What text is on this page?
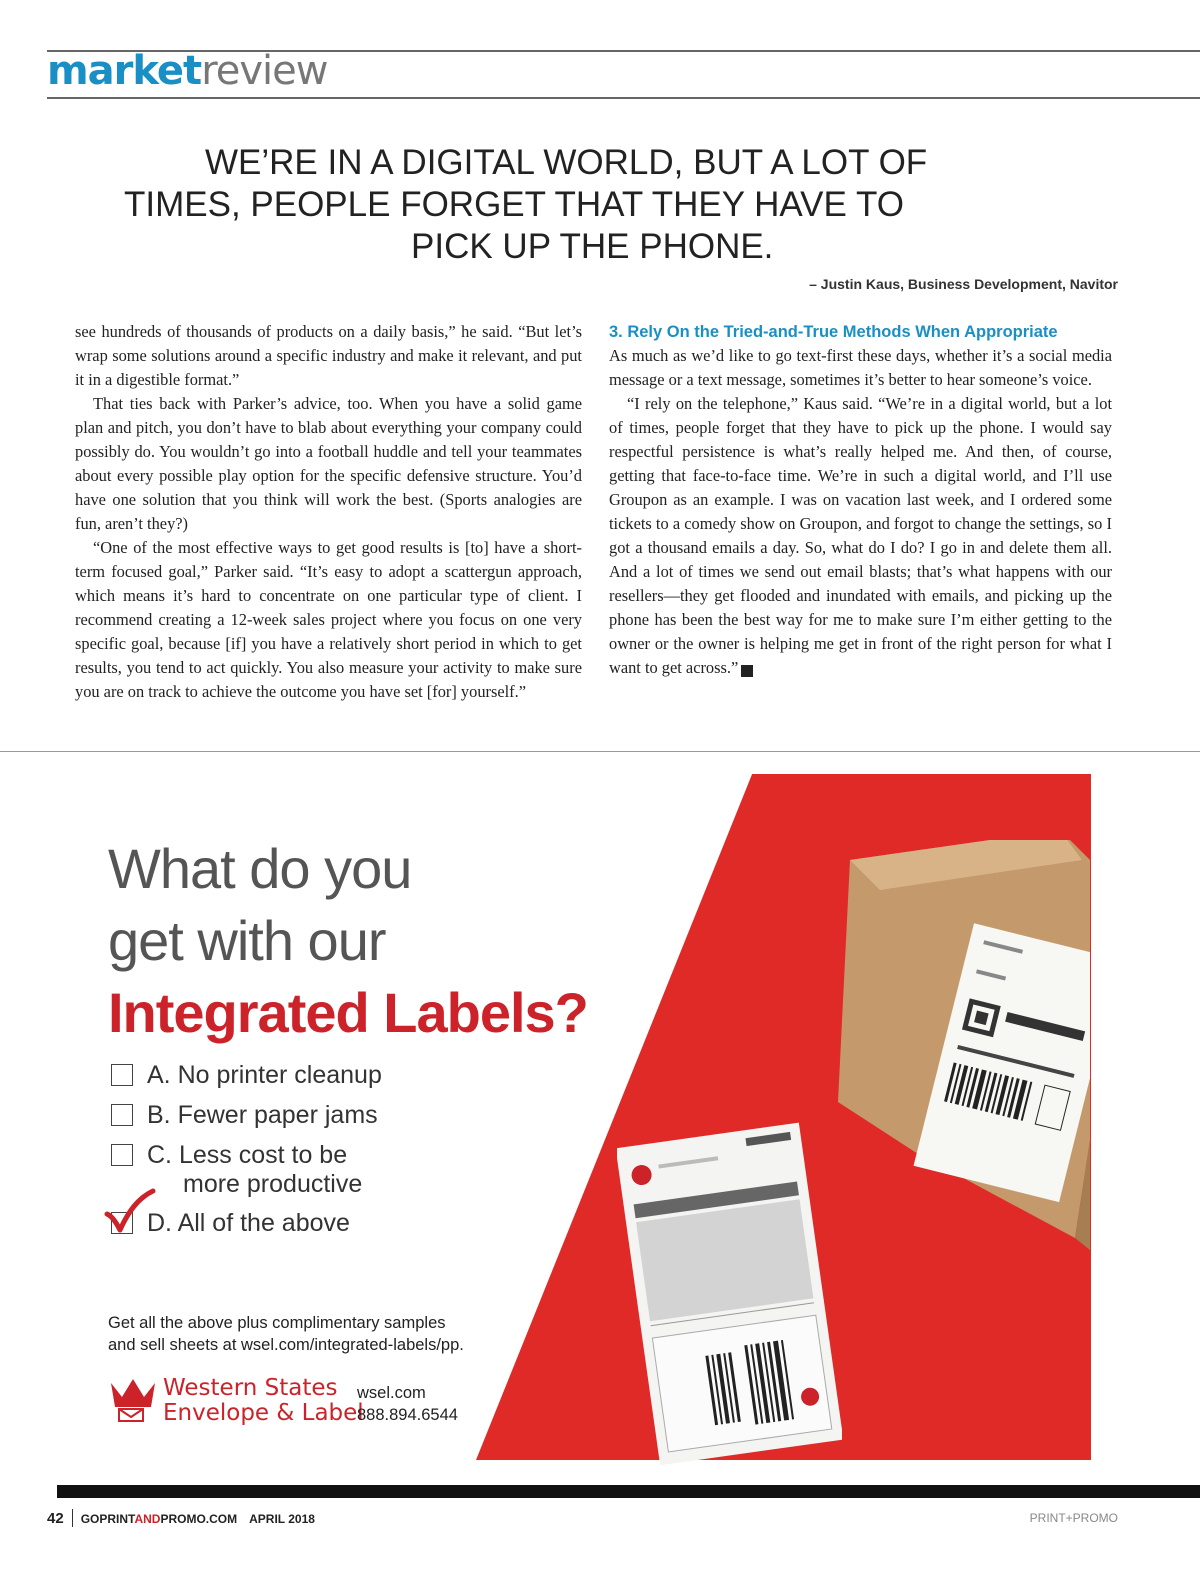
marketreview
WE’RE IN A DIGITAL WORLD, BUT A LOT OF
TIMES, PEOPLE FORGET THAT THEY HAVE TO
PICK UP THE PHONE.
– Justin Kaus, Business Development, Navitor

see hundreds of thousands of products on a daily basis,” he said. “But let’s wrap some solutions around a specific industry and make it relevant, and put it in a digestible format.”

That ties back with Parker’s advice, too. When you have a solid game plan and pitch, you don’t have to blab about everything your company could possibly do. You wouldn’t go into a football huddle and tell your teammates about every possible play option for the specific defensive structure. You’d have one solution that you think will work the best. (Sports analogies are fun, aren’t they?)

“One of the most effective ways to get good results is [to] have a short-term focused goal,” Parker said. “It’s easy to adopt a scattergun approach, which means it’s hard to concentrate on one particular type of client. I recommend creating a 12-week sales project where you focus on one very specific goal, because [if] you have a relatively short period in which to get results, you tend to act quickly. You also measure your activity to make sure you are on track to achieve the outcome you have set [for] yourself.”

3. Rely On the Tried-and-True Methods When Appropriate

As much as we’d like to go text-first these days, whether it’s a social media message or a text message, sometimes it’s better to hear someone’s voice.

“I rely on the telephone,” Kaus said. “We’re in a digital world, but a lot of times, people forget that they have to pick up the phone. I would say respectful persistence is what’s really helped me. And then, of course, getting that face-to-face time. We’re in such a digital world, and I’ll use Groupon as an example. I was on vacation last week, and I ordered some tickets to a comedy show on Groupon, and forgot to change the settings, so I got a thousand emails a day. So, what do I do? I go in and delete them all. And a lot of times we send out email blasts; that’s what happens with our resellers—they get flooded and inundated with emails, and picking up the phone has been the best way for me to make sure I’m either getting to the owner or the owner is helping me get in front of the right person for what I want to get across.” +

What do you
get with our
Integrated Labels?
A. No printer cleanup
B. Fewer paper jams
C. Less cost to be
more productive
D. All of the above
Get all the above plus complimentary samples
and sell sheets at wsel.com/integrated-labels/pp.
Western States
Envelope & Label
wsel.com
888.894.6544
42 GOPRINTANDPROMO.COM APRIL 2018	PRINT+PROMO
